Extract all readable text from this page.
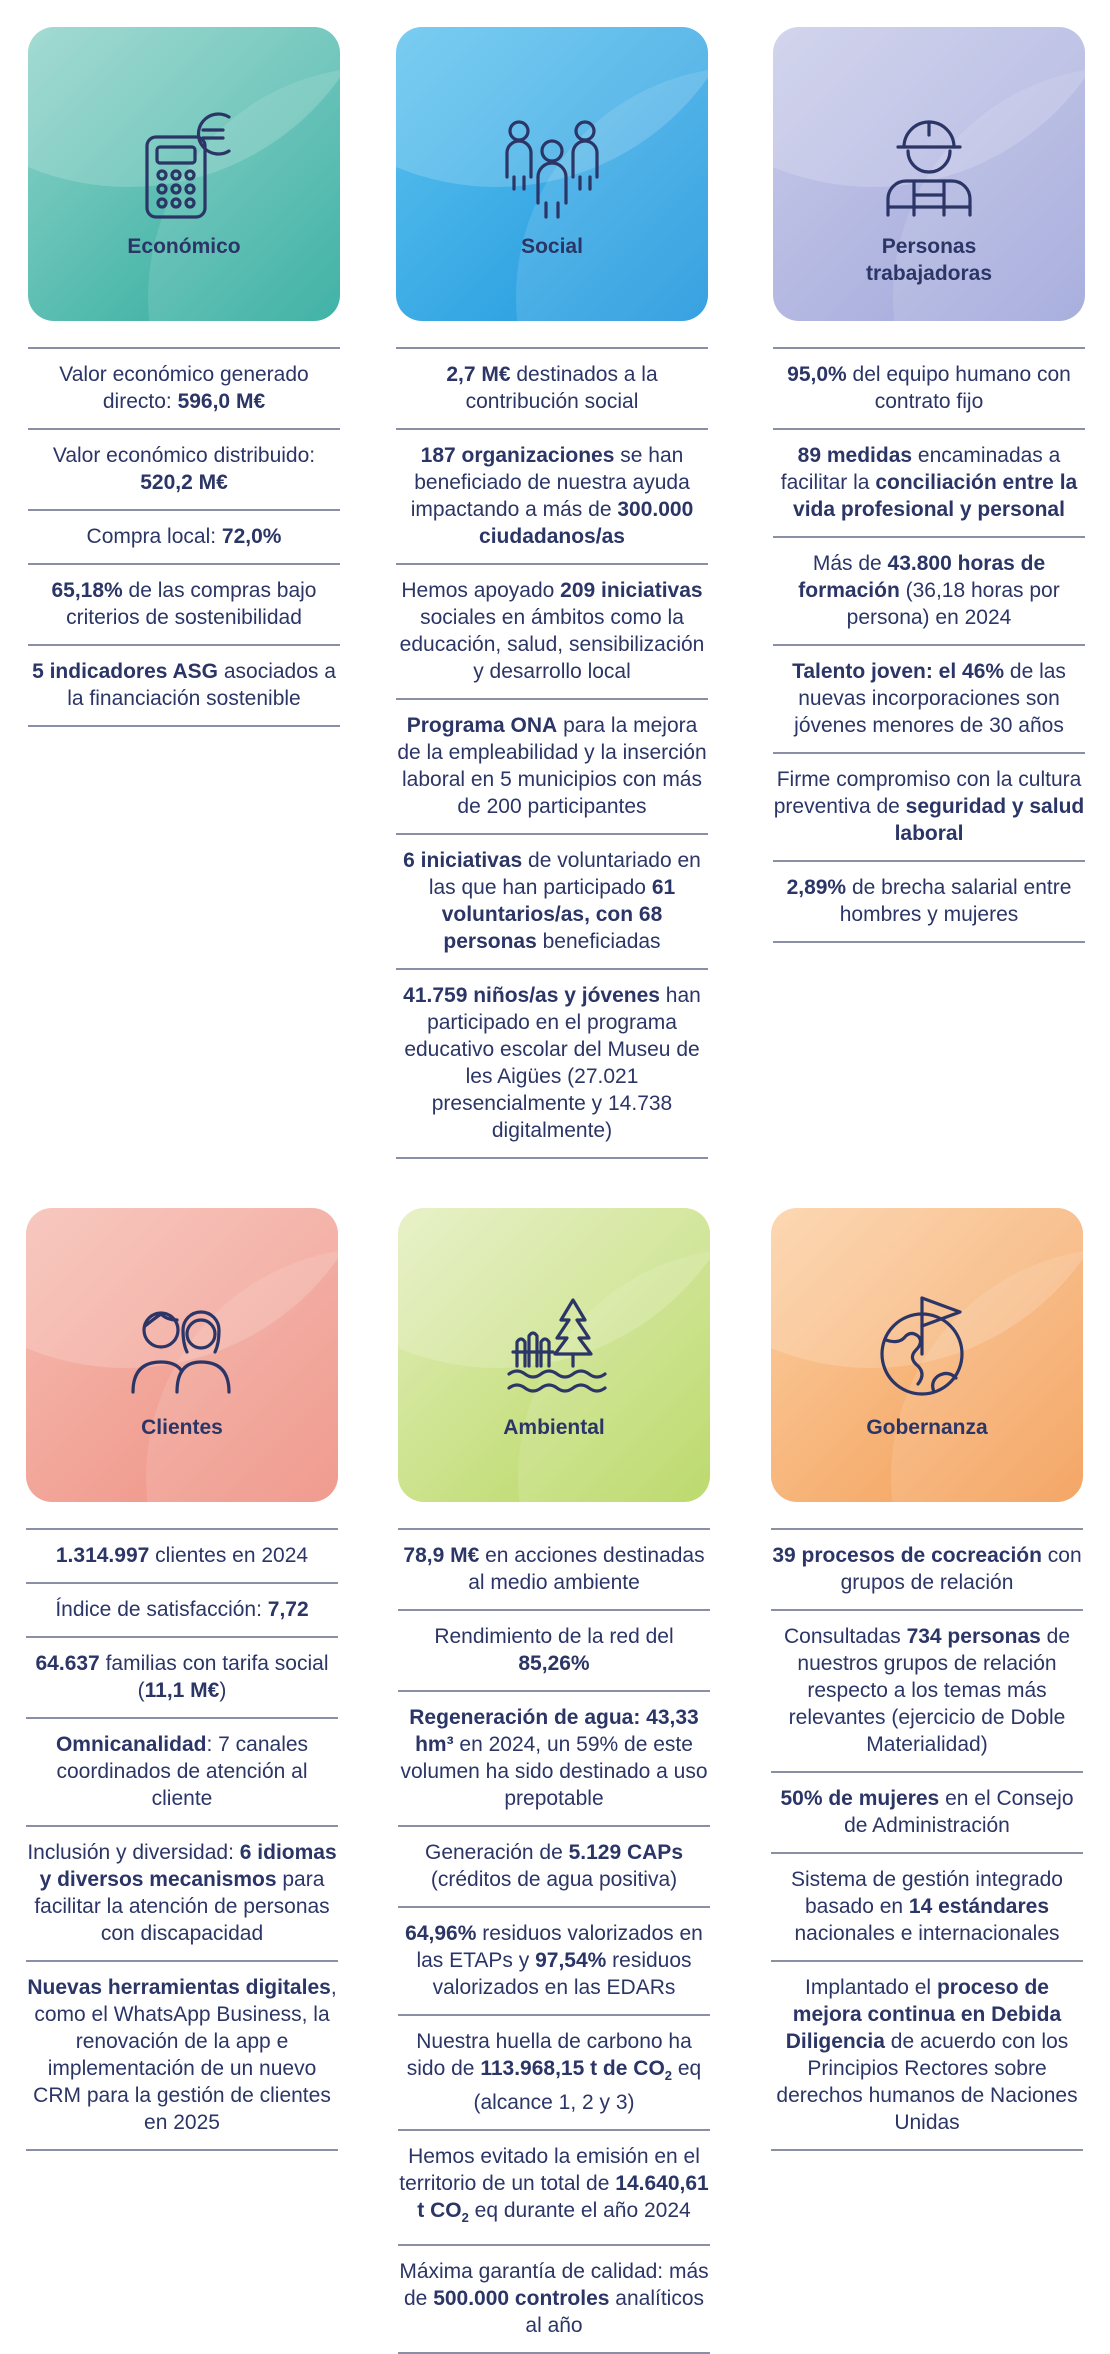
Económico
Valor económico generado directo: 596,0 M€
Valor económico distribuido: 520,2 M€
Compra local: 72,0%
65,18% de las compras bajo criterios de sostenibilidad
5 indicadores ASG asociados a la financiación sostenible
Social
2,7 M€ destinados a la contribución social
187 organizaciones se han beneficiado de nuestra ayuda impactando a más de 300.000 ciudadanos/as
Hemos apoyado 209 iniciativas sociales en ámbitos como la educación, salud, sensibilización y desarrollo local
Programa ONA para la mejora de la empleabilidad y la inserción laboral en 5 municipios con más de 200 participantes
6 iniciativas de voluntariado en las que han participado 61 voluntarios/as, con 68 personas beneficiadas
41.759 niños/as y jóvenes han participado en el programa educativo escolar del Museu de les Aigües (27.021 presencialmente y 14.738 digitalmente)
Personas trabajadoras
95,0% del equipo humano con contrato fijo
89 medidas encaminadas a facilitar la conciliación entre la vida profesional y personal
Más de 43.800 horas de formación (36,18 horas por persona) en 2024
Talento joven: el 46% de las nuevas incorporaciones son jóvenes menores de 30 años
Firme compromiso con la cultura preventiva de seguridad y salud laboral
2,89% de brecha salarial entre hombres y mujeres
Clientes
1.314.997 clientes en 2024
Índice de satisfacción: 7,72
64.637 familias con tarifa social (11,1 M€)
Omnicanalidad: 7 canales coordinados de atención al cliente
Inclusión y diversidad: 6 idiomas y diversos mecanismos para facilitar la atención de personas con discapacidad
Nuevas herramientas digitales, como el WhatsApp Business, la renovación de la app e implementación de un nuevo CRM para la gestión de clientes en 2025
Ambiental
78,9 M€ en acciones destinadas al medio ambiente
Rendimiento de la red del 85,26%
Regeneración de agua: 43,33 hm³ en 2024, un 59% de este volumen ha sido destinado a uso prepotable
Generación de 5.129 CAPs (créditos de agua positiva)
64,96% residuos valorizados en las ETAPs y 97,54% residuos valorizados en las EDARs
Nuestra huella de carbono ha sido de 113.968,15 t de $CO_2$ eq (alcance 1, 2 y 3)
Hemos evitado la emisión en el territorio de un total de 14.640,61 t $CO_2$ eq durante el año 2024
Máxima garantía de calidad: más de 500.000 controles analíticos al año
Gobernanza
39 procesos de cocreación con grupos de relación
Consultadas 734 personas de nuestros grupos de relación respecto a los temas más relevantes (ejercicio de Doble Materialidad)
50% de mujeres en el Consejo de Administración
Sistema de gestión integrado basado en 14 estándares nacionales e internacionales
Implantado el proceso de mejora continua en Debida Diligencia de acuerdo con los Principios Rectores sobre derechos humanos de Naciones Unidas
